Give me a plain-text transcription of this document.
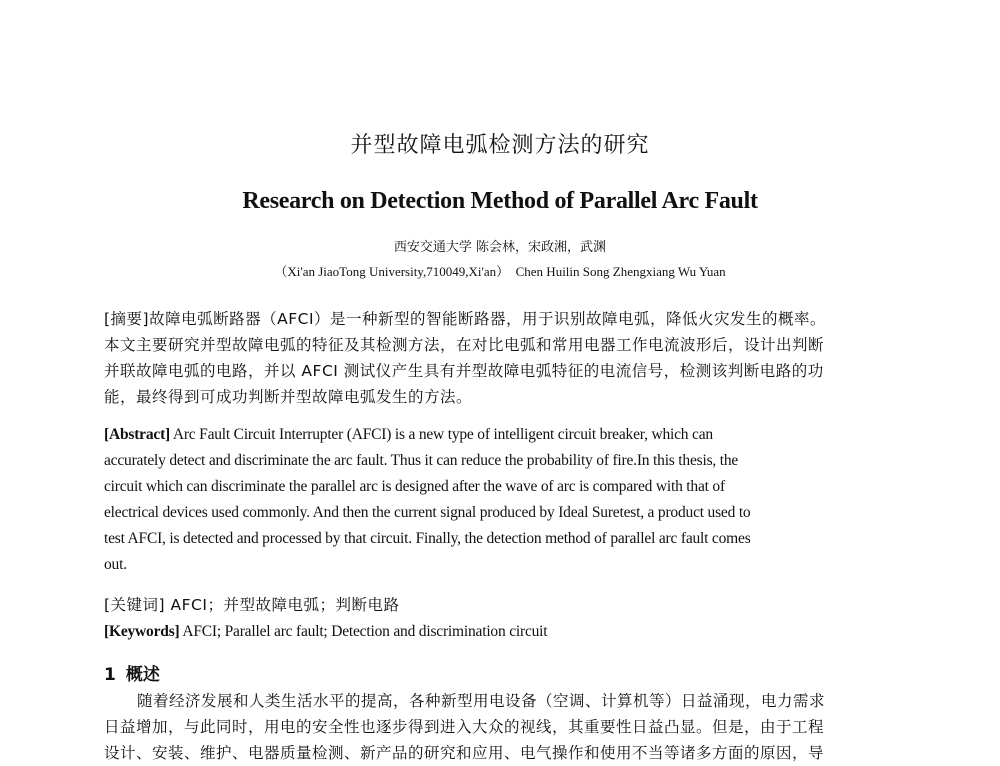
并型故障电弧检测方法的研究
Research on Detection Method of Parallel Arc Fault
西安交通大学 陈会林，宋政湘，武渊
（Xi'an JiaoTong University,710049,Xi'an）  Chen Huilin Song Zhengxiang Wu Yuan
[摘要]故障电弧断路器（AFCI）是一种新型的智能断路器，用于识别故障电弧，降低火灾发生的概率。
本文主要研究并型故障电弧的特征及其检测方法，在对比电弧和常用电器工作电流波形后，设计出判断
并联故障电弧的电路，并以 AFCI 测试仪产生具有并型故障电弧特征的电流信号，检测该判断电路的功
能，最终得到可成功判断并型故障电弧发生的方法。
[Abstract] Arc Fault Circuit Interrupter (AFCI) is a new type of intelligent circuit breaker, which can
accurately detect and discriminate the arc fault. Thus it can reduce the probability of fire.In this thesis, the
circuit which can discriminate the parallel arc is designed after the wave of arc is compared with that of
electrical devices used commonly. And then the current signal produced by Ideal Suretest, a product used to
test AFCI, is detected and processed by that circuit. Finally, the detection method of parallel arc fault comes
out.
[关键词] AFCI；并型故障电弧；判断电路
[Keywords] AFCI; Parallel arc fault; Detection and discrimination circuit
1 概述
随着经济发展和人类生活水平的提高，各种新型用电设备（空调、计算机等）日益涌现，电力需求
日益增加，与此同时，用电的安全性也逐步得到进入大众的视线，其重要性日益凸显。但是，由于工程
设计、安装、维护、电器质量检测、新产品的研究和应用、电气操作和使用不当等诸多方面的原因，导
